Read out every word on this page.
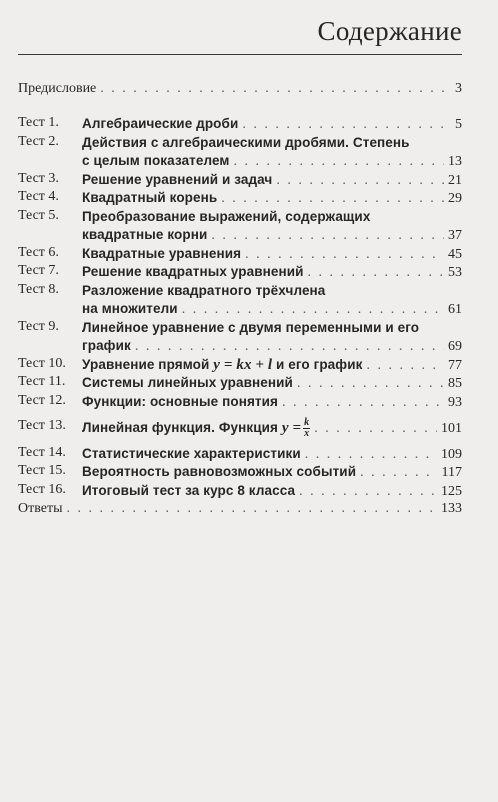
Содержание
Предисловие . . .	3
Тест 1. Алгебраические дроби . . .	5
Тест 2. Действия с алгебраическими дробями. Степень
с целым показателем . . .	13
Тест 3. Решение уравнений и задач . . .	21
Тест 4. Квадратный корень . . .	29
Тест 5. Преобразование выражений, содержащих
квадратные корни . . .	37
Тест 6. Квадратные уравнения . . .	45
Тест 7. Решение квадратных уравнений . . .	53
Тест 8. Разложение квадратного трёхчлена
на множители . . .	61
Тест 9. Линейное уравнение с двумя переменными и его
график . . .	69
Тест 10. Уравнение прямой y = kx + l и его график . . .	77
Тест 11. Системы линейных уравнений . . .	85
Тест 12. Функции: основные понятия . . .	93
Тест 13. Линейная функция. Функция $y = \frac{k}{x}$ . . .	101
Тест 14. Статистические характеристики . . .	109
Тест 15. Вероятность равновозможных событий . . .	117
Тест 16. Итоговый тест за курс 8 класса . . .	125
Ответы . . .	133
